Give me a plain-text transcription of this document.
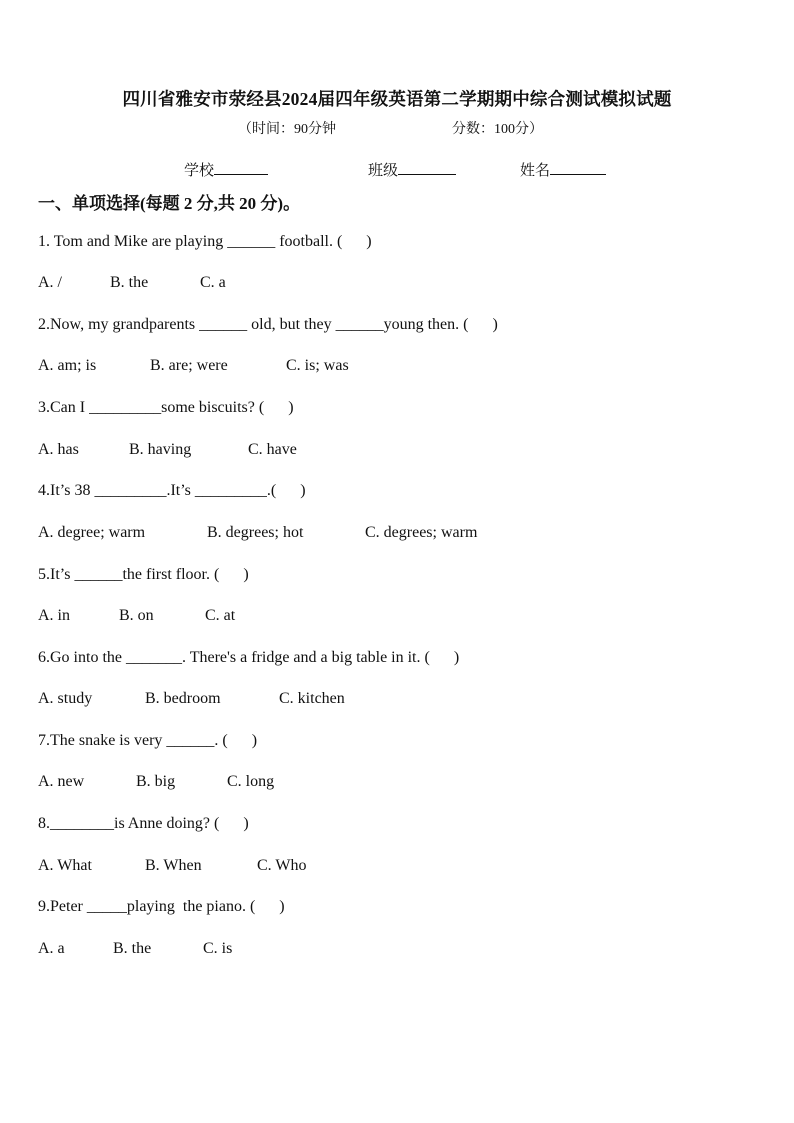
四川省雅安市荥经县2024届四年级英语第二学期期中综合测试模拟试题
（时间：90分钟	分数：100分）
学校	班级	姓名
一、单项选择(每题 2 分,共 20 分)。
1. Tom and Mike are playing ______ football. (      )
A. /	B. the	C. a
2.Now, my grandparents ______ old, but they ______young then. (      )
A. am; is	B. are; were	C. is; was
3.Can I _________some biscuits? (      )
A. has	B. having	C. have
4.It’s 38 _________.It’s _________.(      )
A. degree; warm	B. degrees; hot	C. degrees; warm
5.It’s ______the first floor. (      )
A. in	B. on	C. at
6.Go into the _______. There's a fridge and a big table in it. (      )
A. study	B. bedroom	C. kitchen
7.The snake is very ______. (      )
A. new	B. big	C. long
8.________is Anne doing? (      )
A. What	B. When	C. Who
9.Peter _____playing  the piano. (      )
A. a	B. the	C. is
